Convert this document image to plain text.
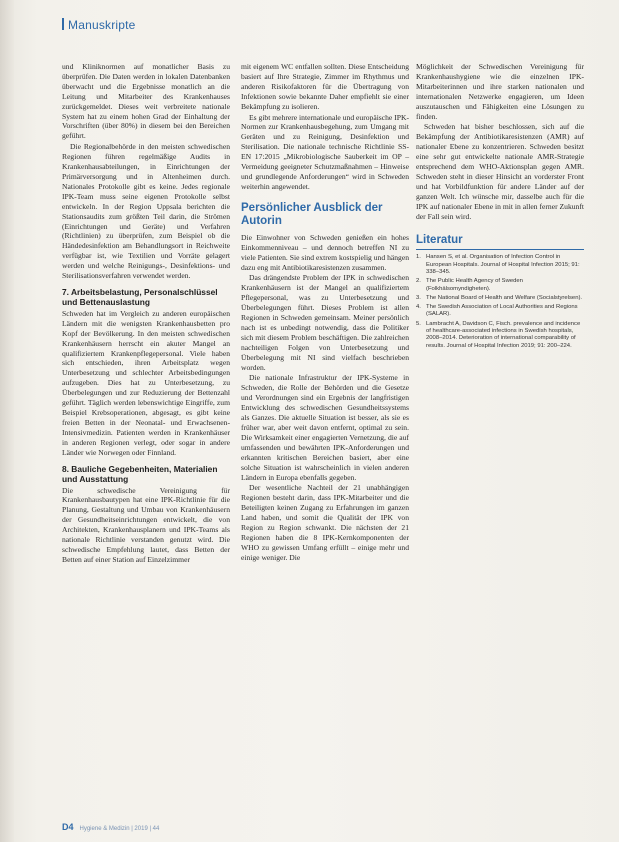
Manuskripte

und Kliniknormen auf monatlicher Basis zu überprüfen. Die Daten werden in lokalen Datenbanken überwacht und die Ergebnisse monatlich an die Leitung und Mitarbeiter des Krankenhauses zurückgemeldet. Dieses weit verbreitete nationale System hat zu einem hohen Grad der Einhaltung der Vorschriften (über 80%) in diesem bei den Bereichen geführt.

Die Regionalbehörde in den meisten schwedischen Regionen führen regelmäßige Audits in Krankenhausabteilungen, in Einrichtungen der Primärversorgung und in Altenheimen durch. Nationales Protokolle gibt es keine. Jedes regionale IPK-Team muss seine eigenen Protokolle selbst entwickeln. In der Region Uppsala berichten die Stationsaudits zum größten Teil darin, die Strömen (Einrichtungen und Geräte) und Verfahren (Richtlinien) zu überprüfen, zum Beispiel ob die Händedesinfektion am Behandlungsort in Reichweite verfügbar ist, wie Textilien und Vorräte gelagert werden und welche Reinigungs-, Desinfektions- und Sterilisationsverfahren verwendet werden.

7. Arbeitsbelastung, Personalschlüssel und Bettenauslastung

Schweden hat im Vergleich zu anderen europäischen Ländern mit die wenigsten Krankenhausbetten pro Kopf der Bevölkerung. In den meisten schwedischen Krankenhäusern herrscht ein akuter Mangel an qualifiziertem Krankenpflegepersonal. Viele haben sich entschieden, ihren Arbeitsplatz wegen Unterbesetzung und schlechter Arbeitsbedingungen aufzugeben. Dies hat zu Unterbesetzung, zu Überbelegungen und zur Reduzierung der Bettenzahl geführt. Täglich werden lebenswichtige Eingriffe, zum Beispiel Krebsoperationen, abgesagt, es gibt keine freien Betten in der Neonatal- und Erwachsenen-Intensivmedizin. Patienten werden in Krankenhäuser in anderen Regionen verlegt, oder sogar in andere Länder wie Norwegen oder Finnland.

8. Bauliche Gegebenheiten, Materialien und Ausstattung

Die schwedische Vereinigung für Krankenhausbautypen hat eine IPK-Richtlinie für die Planung, Gestaltung und Umbau von Krankenhäusern der Gesundheitseinrichtungen entwickelt, die von Architekten, Krankenhausplanern und IPK-Teams als nationale Richtlinie verstanden genutzt wird. Die schwedische Empfehlung lautet, dass Betten der Betten auf einer Station auf Einzelzimmer

mit eigenem WC entfallen sollten. Diese Entscheidung basiert auf Ihre Strategie, Zimmer im Rhythmus und anderen Risikofaktoren für die Übertragung von Infektionen sowie bekannte Daher empfiehlt sie einer Bekämpfung zu isolieren.

Es gibt mehrere internationale und europäische IPK-Normen zur Krankenhausbegehung, zum Umgang mit Geräten und zu Reinigung, Desinfektion und Sterilisation. Die nationale technische Richtlinie SS-EN 17:2015 „Mikrobiologische Sauberkeit im OP – Vermeidung geeigneter Schutzmaßnahmen – Hinweise und grundlegende Anforderungen“ wird in Schweden weiterhin angewendet.

Persönlicher Ausblick der Autorin

Die Einwohner von Schweden genießen ein hohes Einkommenniveau – und dennoch betreffen NI zu viele Patienten. Sie sind extrem kostspielig und hängen dazu eng mit Antibiotikaresistenzen zusammen.

Das drängendste Problem der IPK in schwedischen Krankenhäusern ist der Mangel an qualifiziertem Pflegepersonal, was zu Unterbesetzung und Überbelegungen führt. Dieses Problem ist allen Regionen in Schweden gemeinsam. Meiner persönlich nach ist es unbedingt notwendig, dass die Politiker sich mit diesem Problem beschäftigen. Die zahlreichen nachteiligen Folgen von Unterbesetzung und Überbelegung mit NI sind vielfach beschrieben worden.

Die nationale Infrastruktur der IPK-Systeme in Schweden, die Rolle der Behörden und die Gesetze und Verordnungen sind ein Ergebnis der langfristigen Entwicklung des schwedischen Gesundheitssystems als Ganzes. Die aktuelle Situation ist besser, als sie es früher war, aber weit davon entfernt, optimal zu sein. Die Wirksamkeit einer engagierten Vernetzung, die auf umfassenden und bewährten IPK-Anforderungen und erkannten kritischen Bereichen basiert, aber eine solche Situation ist wahrscheinlich in vielen anderen Ländern in Europa ebenfalls gegeben.

Der wesentliche Nachteil der 21 unabhängigen Regionen besteht darin, dass IPK-Mitarbeiter und die Beteiligten keinen Zugang zu Erfahrungen im ganzen Land haben, und somit die Qualität der IPK von Region zu Region schwankt. Die nächsten der 21 Regionen haben die 8 IPK-Kernkomponenten der WHO zu gewissen Umfang erfüllt – einige mehr und einige weniger. Die

Möglichkeit der Schwedischen Vereinigung für Krankenhaushygiene wie die einzelnen IPK-Mitarbeiterinnen und ihre starken nationalen und internationalen Netzwerke engagieren, um Ideen auszutauschen und Fähigkeiten eine Lösungen zu finden.

Schweden hat bisher beschlossen, sich auf die Bekämpfung der Antibiotikaresistenzen (AMR) auf nationaler Ebene zu konzentrieren. Schweden besitzt eine sehr gut entwickelte nationale AMR-Strategie entsprechend dem WHO-Aktionsplan gegen AMR. Schweden steht in dieser Hinsicht an vorderster Front und hat Vorbildfunktion für andere Länder auf der ganzen Welt. Ich wünsche mir, dasselbe auch für die IPK auf nationaler Ebene in mit in allen ferner Zukunft der Fall sein wird.

Literatur
1. Hansen S, et al. Organisation of Infection Control in European Hospitals. Journal of Hospital Infection 2015; 91: 338–345.
2. The Public Health Agency of Sweden (Folkhälsomyndigheten).
3. The National Board of Health and Welfare (Socialstyrelsen).
4. The Swedish Association of Local Authorities and Regions (SALAR).
5. Lambracht A, Davidson C, Fisch. prevalence and incidence of healthcare-associated infections in Swedish hospitals, 2008–2014. Deterioration of international comparability of results. Journal of Hospital Infection 2019; 91: 200–224.
D4 Hygiene & Medizin | 2019 | 44
